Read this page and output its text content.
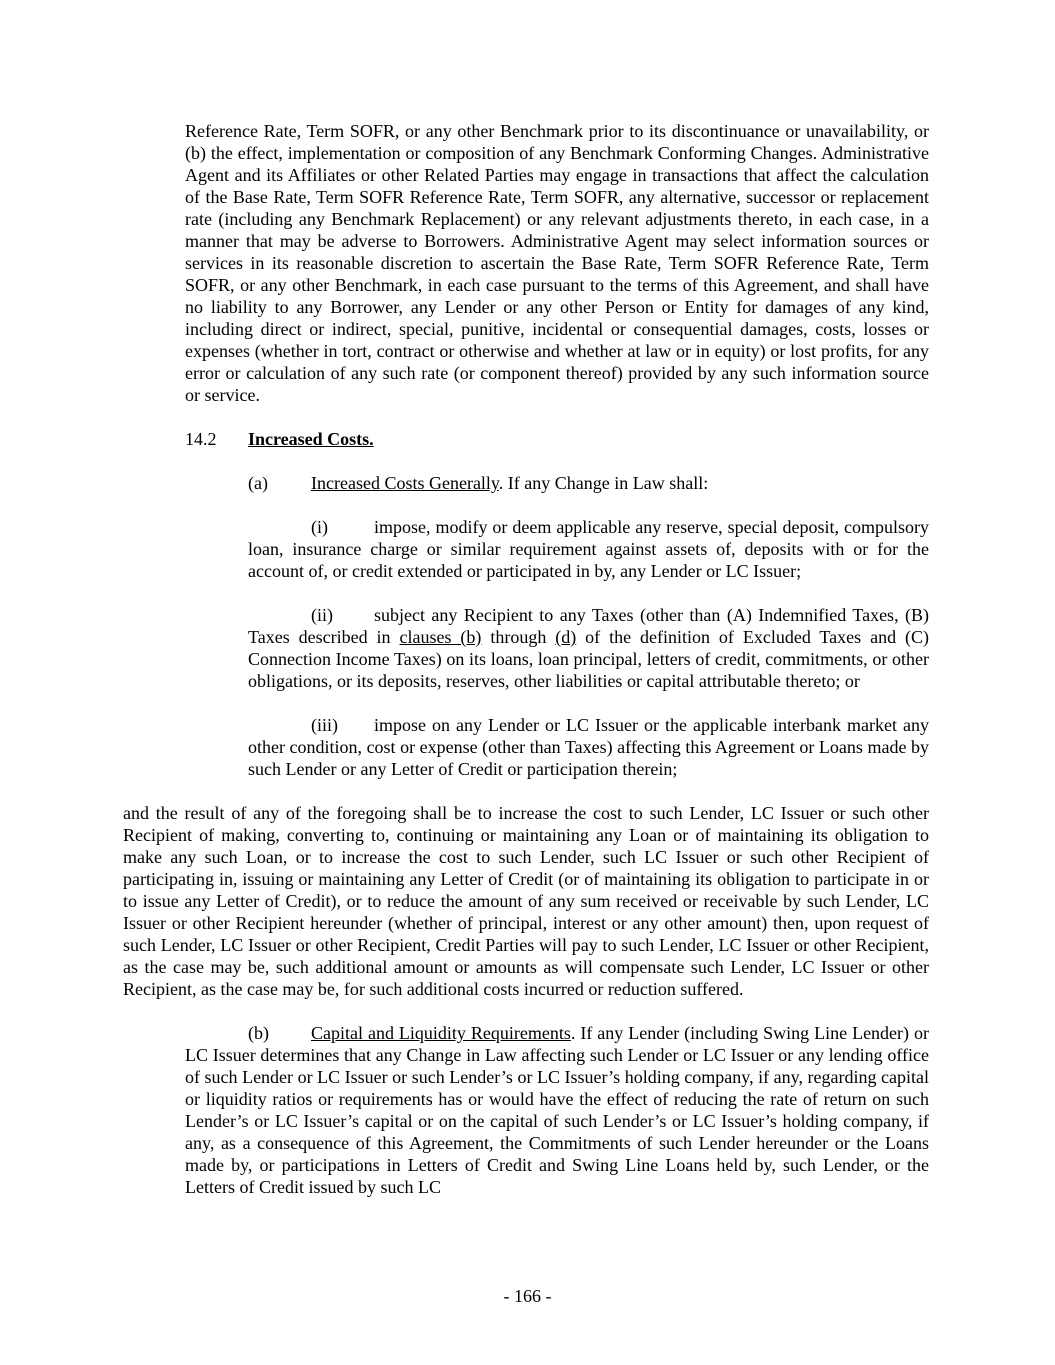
Reference Rate, Term SOFR, or any other Benchmark prior to its discontinuance or unavailability, or (b) the effect, implementation or composition of any Benchmark Conforming Changes. Administrative Agent and its Affiliates or other Related Parties may engage in transactions that affect the calculation of the Base Rate, Term SOFR Reference Rate, Term SOFR, any alternative, successor or replacement rate (including any Benchmark Replacement) or any relevant adjustments thereto, in each case, in a manner that may be adverse to Borrowers. Administrative Agent may select information sources or services in its reasonable discretion to ascertain the Base Rate, Term SOFR Reference Rate, Term SOFR, or any other Benchmark, in each case pursuant to the terms of this Agreement, and shall have no liability to any Borrower, any Lender or any other Person or Entity for damages of any kind, including direct or indirect, special, punitive, incidental or consequential damages, costs, losses or expenses (whether in tort, contract or otherwise and whether at law or in equity) or lost profits, for any error or calculation of any such rate (or component thereof) provided by any such information source or service.

14.2 Increased Costs.

(a) Increased Costs Generally. If any Change in Law shall:

(i)	impose, modify or deem applicable any reserve, special deposit, compulsory loan, insurance charge or similar requirement against assets of, deposits with or for the account of, or credit extended or participated in by, any Lender or LC Issuer;

(ii) subject any Recipient to any Taxes (other than (A) Indemnified Taxes, (B) Taxes described in clauses (b) through (d) of the definition of Excluded Taxes and (C) Connection Income Taxes) on its loans, loan principal, letters of credit, commitments, or other obligations, or its deposits, reserves, other liabilities or capital attributable thereto; or

(iii) impose on any Lender or LC Issuer or the applicable interbank market any other condition, cost or expense (other than Taxes) affecting this Agreement or Loans made by such Lender or any Letter of Credit or participation therein;

and the result of any of the foregoing shall be to increase the cost to such Lender, LC Issuer or such other Recipient of making, converting to, continuing or maintaining any Loan or of maintaining its obligation to make any such Loan, or to increase the cost to such Lender, such LC Issuer or such other Recipient of participating in, issuing or maintaining any Letter of Credit (or of maintaining its obligation to participate in or to issue any Letter of Credit), or to reduce the amount of any sum received or receivable by such Lender, LC Issuer or other Recipient hereunder (whether of principal, interest or any other amount) then, upon request of such Lender, LC Issuer or other Recipient, Credit Parties will pay to such Lender, LC Issuer or other Recipient, as the case may be, such additional amount or amounts as will compensate such Lender, LC Issuer or other Recipient, as the case may be, for such additional costs incurred or reduction suffered.

(b) Capital and Liquidity Requirements. If any Lender (including Swing Line Lender) or LC Issuer determines that any Change in Law affecting such Lender or LC Issuer or any lending office of such Lender or LC Issuer or such Lender’s or LC Issuer’s holding company, if any, regarding capital or liquidity ratios or requirements has or would have the effect of reducing the rate of return on such Lender’s or LC Issuer’s capital or on the capital of such Lender’s or LC Issuer’s holding company, if any, as a consequence of this Agreement, the Commitments of such Lender hereunder or the Loans made by, or participations in Letters of Credit and Swing Line Loans held by, such Lender, or the Letters of Credit issued by such LC

- 166 -
